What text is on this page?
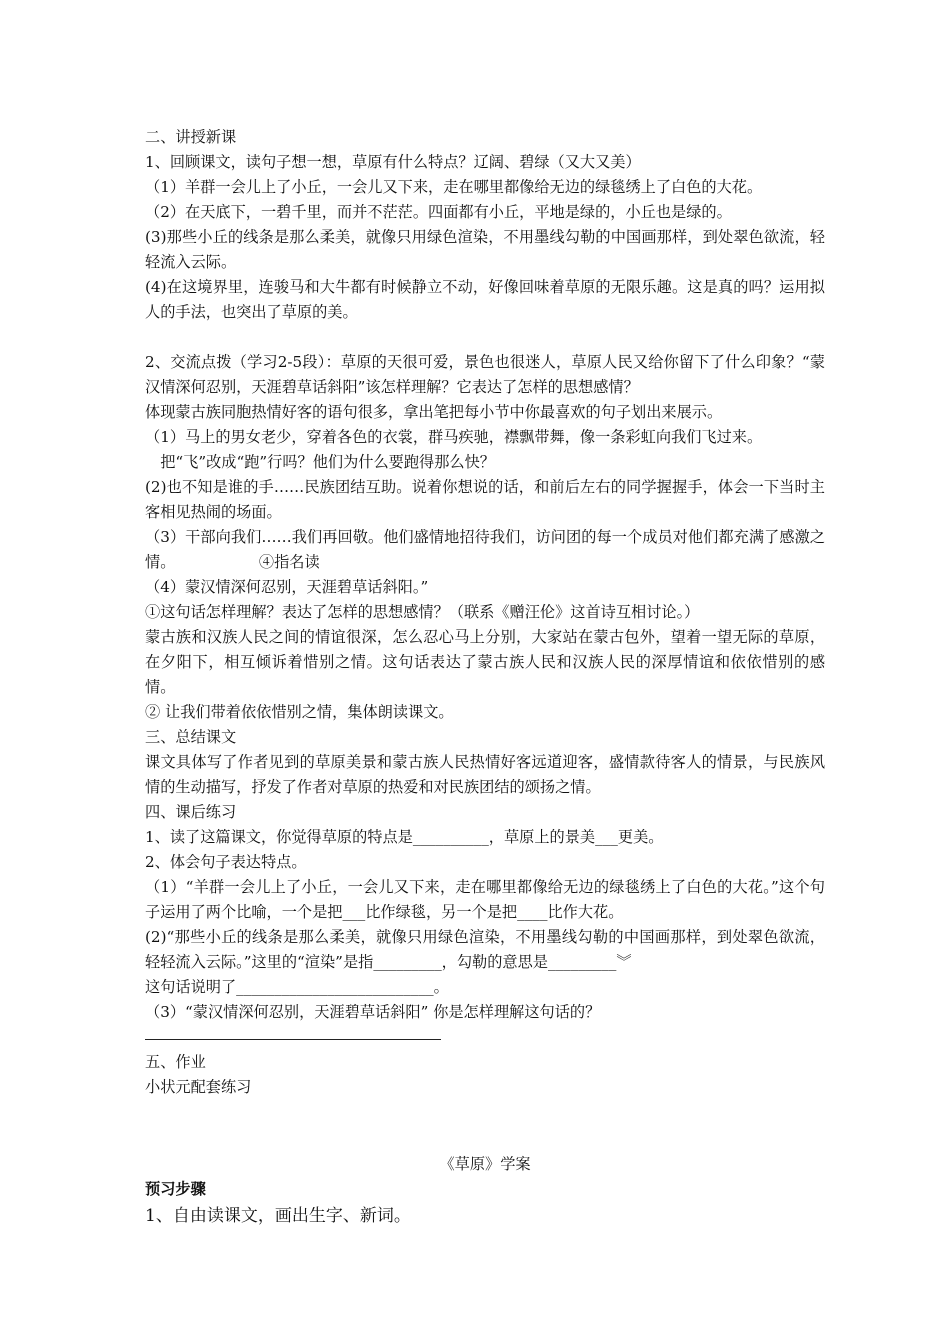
二、讲授新课
1、回顾课文，读句子想一想，草原有什么特点？辽阔、碧绿（又大又美）
（1）羊群一会儿上了小丘，一会儿又下来，走在哪里都像给无边的绿毯绣上了白色的大花。
（2）在天底下，一碧千里，而并不茫茫。四面都有小丘，平地是绿的，小丘也是绿的。
(3)那些小丘的线条是那么柔美，就像只用绿色渲染，不用墨线勾勒的中国画那样，到处翠色欲流，轻轻流入云际。
(4)在这境界里，连骏马和大牛都有时候静立不动，好像回味着草原的无限乐趣。这是真的吗？运用拟人的手法，也突出了草原的美。
2、交流点拨（学习2-5段）：草原的天很可爱，景色也很迷人，草原人民又给你留下了什么印象？“蒙汉情深何忍别，天涯碧草话斜阳”该怎样理解？它表达了怎样的思想感情？
体现蒙古族同胞热情好客的语句很多，拿出笔把每小节中你最喜欢的句子划出来展示。
（1）马上的男女老少，穿着各色的衣裳，群马疾驰，襟飘带舞，像一条彩虹向我们飞过来。
　把“飞”改成“跑”行吗？他们为什么要跑得那么快？
(2)也不知是谁的手……民族团结互助。说着你想说的话，和前后左右的同学握握手，体会一下当时主客相见热闹的场面。
（3）干部向我们……我们再回敬。他们盛情地招待我们，访问团的每一个成员对他们都充满了感激之情。　　　　　　④指名读
（4）蒙汉情深何忍别，天涯碧草话斜阳。”
①这句话怎样理解？表达了怎样的思想感情？（联系《赠汪伦》这首诗互相讨论。）
蒙古族和汉族人民之间的情谊很深，怎么忍心马上分别，大家站在蒙古包外，望着一望无际的草原，在夕阳下，相互倾诉着惜别之情。这句话表达了蒙古族人民和汉族人民的深厚情谊和依依惜别的感情。
② 让我们带着依依惜别之情，集体朗读课文。
三、总结课文
课文具体写了作者见到的草原美景和蒙古族人民热情好客远道迎客，盛情款待客人的情景，与民族风情的生动描写，抒发了作者对草原的热爱和对民族团结的颂扬之情。
四、课后练习
1、读了这篇课文，你觉得草原的特点是__________，草原上的景美___更美。
2、体会句子表达特点。
（1）“羊群一会儿上了小丘，一会儿又下来，走在哪里都像给无边的绿毯绣上了白色的大花。”这个句子运用了两个比喻，一个是把___比作绿毯，另一个是把____比作大花。
(2)“那些小丘的线条是那么柔美，就像只用绿色渲染，不用墨线勾勒的中国画那样，到处翠色欲流，轻轻流入云际。”这里的“渲染”是指_________，勾勒的意思是_________︾
这句话说明了__________________________。
（3）“蒙汉情深何忍别，天涯碧草话斜阳” 你是怎样理解这句话的？
五、作业
小状元配套练习
《草原》学案
预习步骤
1、自由读课文，画出生字、新词。
